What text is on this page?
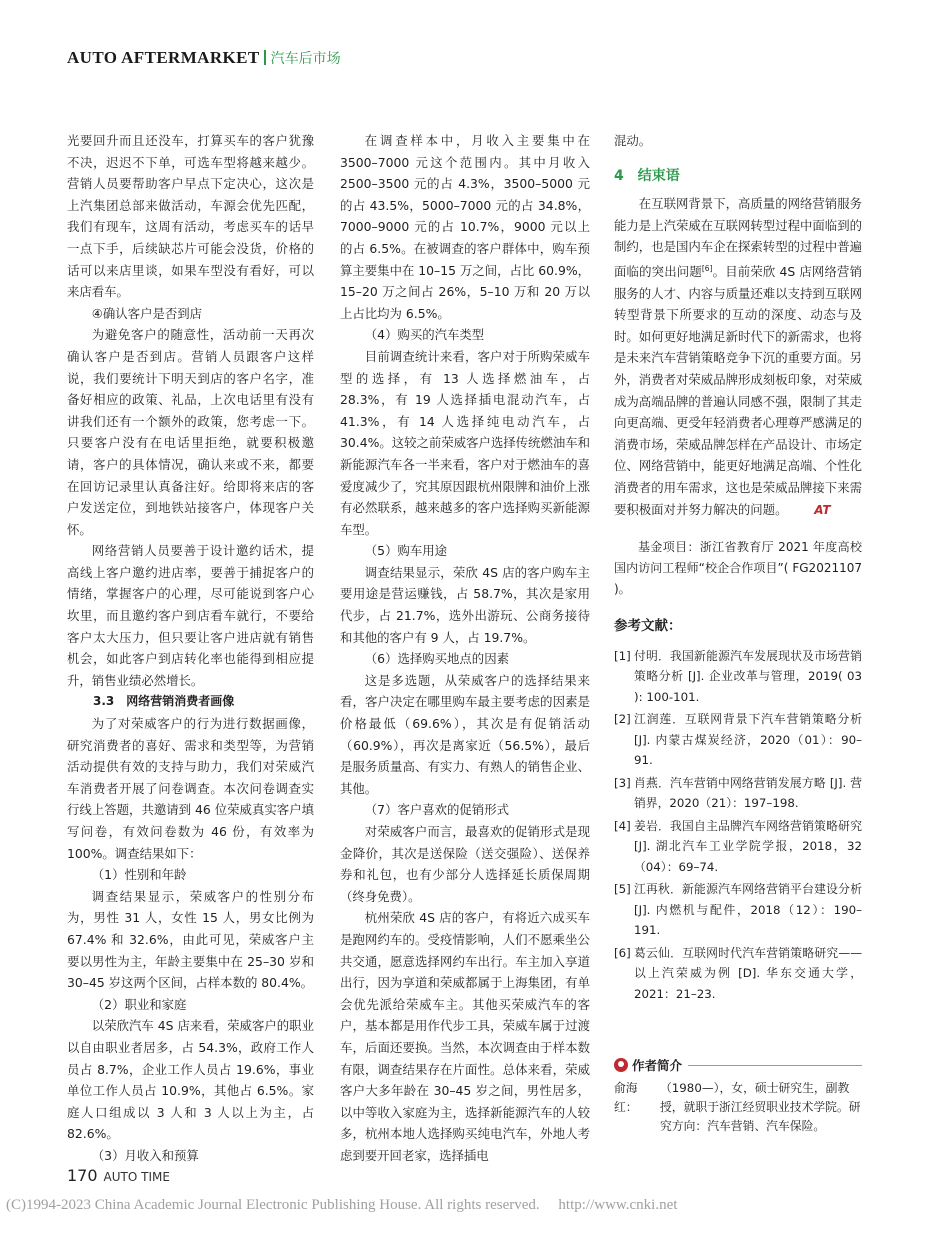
AUTO AFTERMARKET 汽车后市场

光要回升而且还没车，打算买车的客户犹豫不决，迟迟不下单，可选车型将越来越少。营销人员要帮助客户早点下定决心，这次是上汽集团总部来做活动，车源会优先匹配，我们有现车，这周有活动，考虑买车的话早一点下手，后续缺芯片可能会没货，价格的话可以来店里谈，如果车型没有看好，可以来店看车。

④确认客户是否到店

为避免客户的随意性，活动前一天再次确认客户是否到店。营销人员跟客户这样说，我们要统计下明天到店的客户名字，准备好相应的政策、礼品，上次电话里有没有讲我们还有一个额外的政策，您考虑一下。只要客户没有在电话里拒绝，就要积极邀请，客户的具体情况，确认来或不来，都要在回访记录里认真备注好。给即将来店的客户发送定位，到地铁站接客户，体现客户关怀。

网络营销人员要善于设计邀约话术，提高线上客户邀约进店率，要善于捕捉客户的情绪，掌握客户的心理，尽可能说到客户心坎里，而且邀约客户到店看车就行，不要给客户太大压力，但只要让客户进店就有销售机会，如此客户到店转化率也能得到相应提升，销售业绩必然增长。

3.3　网络营销消费者画像

为了对荣威客户的行为进行数据画像，研究消费者的喜好、需求和类型等，为营销活动提供有效的支持与助力，我们对荣威汽车消费者开展了问卷调查。本次问卷调查实行线上答题，共邀请到 46 位荣威真实客户填写问卷，有效问卷数为 46 份，有效率为 100%。调查结果如下：

（1）性别和年龄

调查结果显示，荣威客户的性别分布为，男性 31 人，女性 15 人，男女比例为 67.4% 和 32.6%，由此可见，荣威客户主要以男性为主，年龄主要集中在 25–30 岁和 30–45 岁这两个区间，占样本数的 80.4%。

（2）职业和家庭

以荣欣汽车 4S 店来看，荣威客户的职业以自由职业者居多，占 54.3%，政府工作人员占 8.7%，企业工作人员占 19.6%，事业单位工作人员占 10.9%，其他占 6.5%。家庭人口组成以 3 人和 3 人以上为主，占 82.6%。

（3）月收入和预算

在调查样本中，月收入主要集中在 3500–7000 元这个范围内。其中月收入 2500–3500 元的占 4.3%，3500–5000 元的占 43.5%，5000–7000 元的占 34.8%，7000–9000 元的占 10.7%，9000 元以上的占 6.5%。在被调查的客户群体中，购车预算主要集中在 10–15 万之间，占比 60.9%，15–20 万之间占 26%，5–10 万和 20 万以上占比均为 6.5%。

（4）购买的汽车类型

目前调查统计来看，客户对于所购荣威车型的选择，有 13 人选择燃油车，占 28.3%，有 19 人选择插电混动汽车，占 41.3%，有 14 人选择纯电动汽车，占 30.4%。这较之前荣威客户选择传统燃油车和新能源汽车各一半来看，客户对于燃油车的喜爱度减少了，究其原因跟杭州限牌和油价上涨有必然联系，越来越多的客户选择购买新能源车型。

（5）购车用途

调查结果显示，荣欣 4S 店的客户购车主要用途是营运赚钱，占 58.7%，其次是家用代步，占 21.7%，选外出游玩、公商务接待和其他的客户有 9 人，占 19.7%。

（6）选择购买地点的因素

这是多选题，从荣威客户的选择结果来看，客户决定在哪里购车最主要考虑的因素是价格最低（69.6%），其次是有促销活动（60.9%），再次是离家近（56.5%），最后是服务质量高、有实力、有熟人的销售企业、其他。

（7）客户喜欢的促销形式

对荣威客户而言，最喜欢的促销形式是现金降价，其次是送保险（送交强险）、送保养券和礼包，也有少部分人选择延长质保周期（终身免费）。

杭州荣欣 4S 店的客户，有将近六成买车是跑网约车的。受疫情影响，人们不愿乘坐公共交通，愿意选择网约车出行。车主加入享道出行，因为享道和荣威都属于上海集团，有单会优先派给荣威车主。其他买荣威汽车的客户，基本都是用作代步工具，荣威车属于过渡车，后面还要换。当然，本次调查由于样本数有限，调查结果存在片面性。总体来看，荣威客户大多年龄在 30–45 岁之间，男性居多，以中等收入家庭为主，选择新能源汽车的人较多，杭州本地人选择购买纯电汽车，外地人考虑到要开回老家，选择插电

混动。

4　结束语

在互联网背景下，高质量的网络营销服务能力是上汽荣威在互联网转型过程中面临到的制约，也是国内车企在探索转型的过程中普遍面临的突出问题[6]。目前荣欣 4S 店网络营销服务的人才、内容与质量还难以支持到互联网转型背景下所要求的互动的深度、动态与及时。如何更好地满足新时代下的新需求，也将是未来汽车营销策略竞争下沉的重要方面。另外，消费者对荣威品牌形成刻板印象，对荣威成为高端品牌的普遍认同感不强，限制了其走向更高端、更受年轻消费者心理尊严感满足的消费市场，荣威品牌怎样在产品设计、市场定位、网络营销中，能更好地满足高端、个性化消费者的用车需求，这也是荣威品牌接下来需要积极面对并努力解决的问题。 AT

基金项目：浙江省教育厅 2021 年度高校国内访问工程师“校企合作项目”( FG2021107 )。

参考文献：

[1] 付明．我国新能源汽车发展现状及市场营销策略分析 [J]. 企业改革与管理，2019( 03 ): 100-101.
[2] 江润莲．互联网背景下汽车营销策略分析 [J]. 内蒙古煤炭经济，2020（01）：90–91.
[3] 肖燕．汽车营销中网络营销发展方略 [J]. 营销界，2020（21）：197–198.
[4] 姜岩．我国自主品牌汽车网络营销策略研究 [J]. 湖北汽车工业学院学报，2018，32（04）：69–74.
[5] 江再秋．新能源汽车网络营销平台建设分析 [J]. 内燃机与配件，2018（12）：190–191.
[6] 葛云仙．互联网时代汽车营销策略研究——以上汽荣威为例 [D]. 华东交通大学，2021：21–23.
作者简介
俞海红：
（1980—），女，硕士研究生，副教授，就职于浙江经贸职业技术学院。研究方向：汽车营销、汽车保险。
170 AUTO TIME
(C)1994-2023 China Academic Journal Electronic Publishing House. All rights reserved.　 http://www.cnki.net
